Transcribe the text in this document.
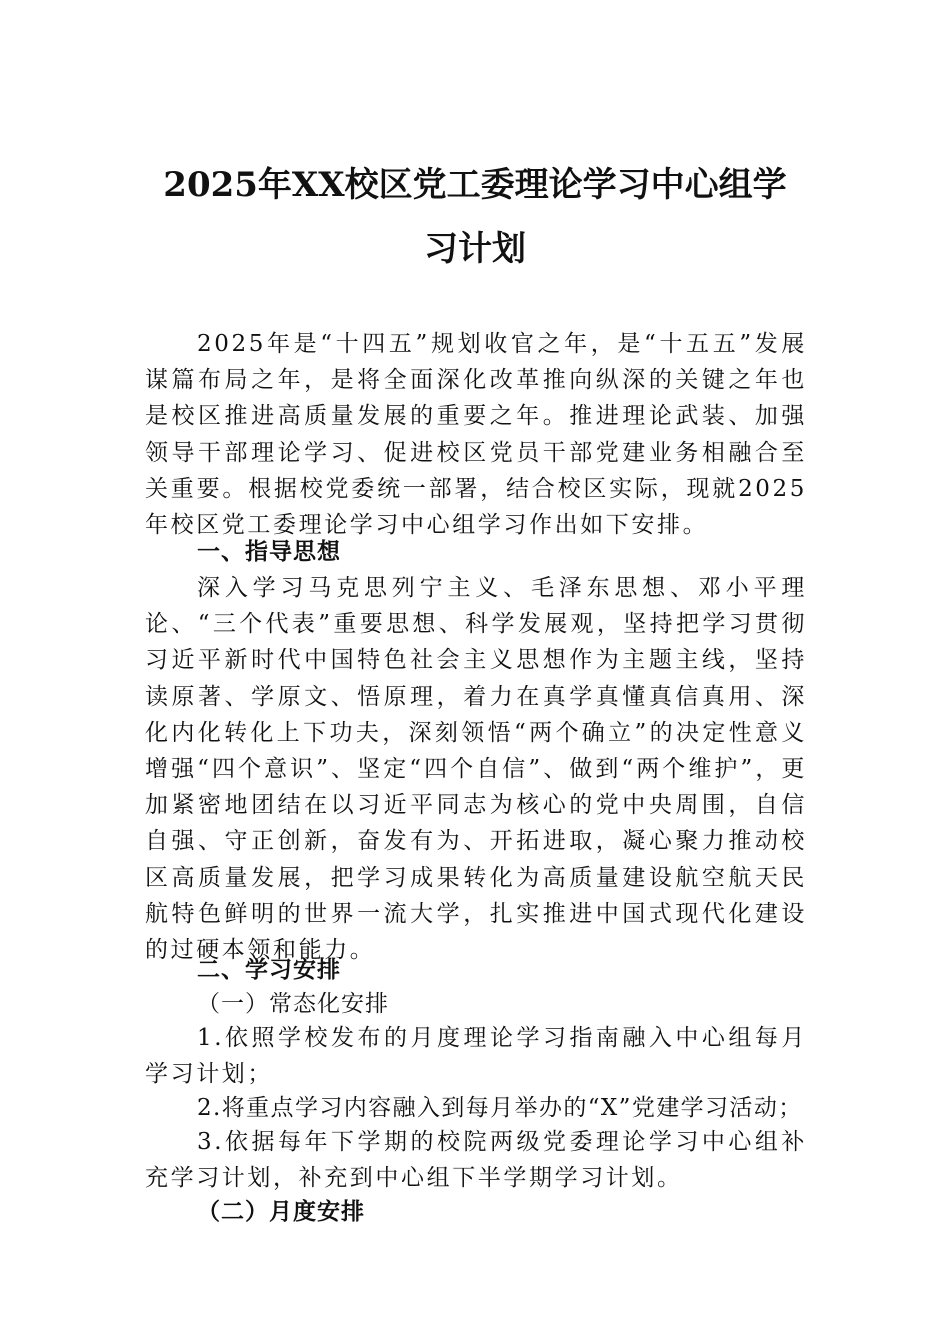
2025年XX校区党工委理论学习中心组学
习计划

2025年是“十四五”规划收官之年，是“十五五”发展谋篇布局之年，是将全面深化改革推向纵深的关键之年也是校区推进高质量发展的重要之年。推进理论武装、加强领导干部理论学习、促进校区党员干部党建业务相融合至关重要。根据校党委统一部署，结合校区实际，现就2025年校区党工委理论学习中心组学习作出如下安排。

一、指导思想

深入学习马克思列宁主义、毛泽东思想、邓小平理论、“三个代表”重要思想、科学发展观，坚持把学习贯彻习近平新时代中国特色社会主义思想作为主题主线，坚持读原著、学原文、悟原理，着力在真学真懂真信真用、深化内化转化上下功夫，深刻领悟“两个确立”的决定性意义增强“四个意识”、坚定“四个自信”、做到“两个维护”，更加紧密地团结在以习近平同志为核心的党中央周围，自信自强、守正创新，奋发有为、开拓进取，凝心聚力推动校区高质量发展，把学习成果转化为高质量建设航空航天民航特色鲜明的世界一流大学，扎实推进中国式现代化建设的过硬本领和能力。

二、学习安排

（一）常态化安排

1.依照学校发布的月度理论学习指南融入中心组每月学习计划；

2.将重点学习内容融入到每月举办的“X”党建学习活动；

3.依据每年下学期的校院两级党委理论学习中心组补充学习计划，补充到中心组下半学期学习计划。

（二）月度安排
